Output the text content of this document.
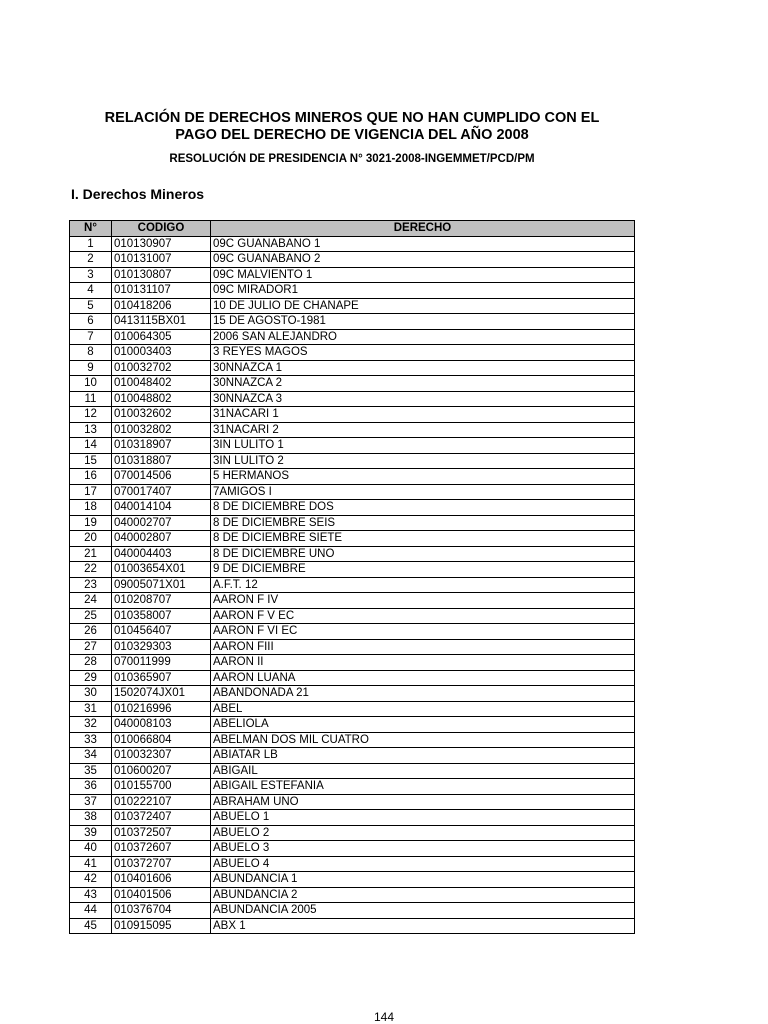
RELACIÓN DE DERECHOS MINEROS QUE NO HAN CUMPLIDO CON EL
PAGO DEL DERECHO DE VIGENCIA DEL AÑO 2008
RESOLUCIÓN DE PRESIDENCIA N° 3021-2008-INGEMMET/PCD/PM
I. Derechos Mineros
N°	CODIGO	DERECHO
1	010130907	09C GUANABANO 1
2	010131007	09C GUANABANO 2
3	010130807	09C MALVIENTO 1
4	010131107	09C MIRADOR1
5	010418206	10 DE JULIO DE CHANAPE
6	0413115BX01	15 DE AGOSTO-1981
7	010064305	2006 SAN ALEJANDRO
8	010003403	3 REYES MAGOS
9	010032702	30NNAZCA 1
10	010048402	30NNAZCA 2
11	010048802	30NNAZCA 3
12	010032602	31NACARI 1
13	010032802	31NACARI 2
14	010318907	3IN LULITO 1
15	010318807	3IN LULITO 2
16	070014506	5 HERMANOS
17	070017407	7AMIGOS I
18	040014104	8 DE DICIEMBRE DOS
19	040002707	8 DE DICIEMBRE SEIS
20	040002807	8 DE DICIEMBRE SIETE
21	040004403	8 DE DICIEMBRE UNO
22	01003654X01	9 DE DICIEMBRE
23	09005071X01	A.F.T. 12
24	010208707	AARON F IV
25	010358007	AARON F V EC
26	010456407	AARON F VI EC
27	010329303	AARON FIII
28	070011999	AARON II
29	010365907	AARON LUANA
30	1502074JX01	ABANDONADA 21
31	010216996	ABEL
32	040008103	ABELIOLA
33	010066804	ABELMAN DOS MIL CUATRO
34	010032307	ABIATAR LB
35	010600207	ABIGAIL
36	010155700	ABIGAIL ESTEFANIA
37	010222107	ABRAHAM UNO
38	010372407	ABUELO 1
39	010372507	ABUELO 2
40	010372607	ABUELO 3
41	010372707	ABUELO 4
42	010401606	ABUNDANCIA 1
43	010401506	ABUNDANCIA 2
44	010376704	ABUNDANCIA 2005
45	010915095	ABX 1
144
